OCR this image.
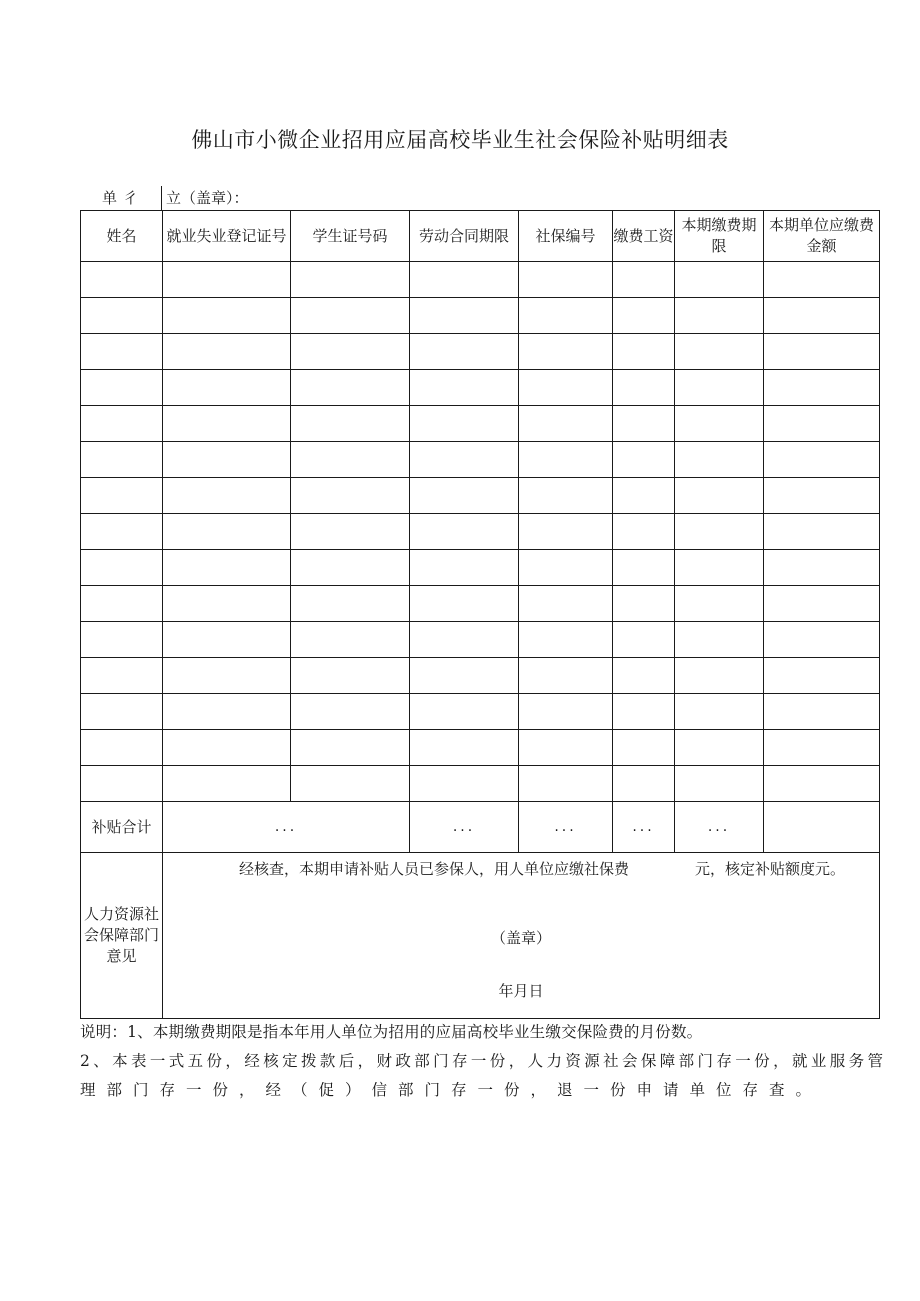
佛山市小微企业招用应届高校毕业生社会保险补贴明细表
单彳 立（盖章）：
姓名	就业失业登记证号	学生证号码	劳动合同期限	社保编号	缴费工资	本期缴费期限	本期单位应缴费金额

补贴合计	...		...	...	...	...	
人力资源社会保障部门意见	经核查，本期申请补贴人员已参保人，用人单位应缴社保费 元，核定补贴额度元。
（盖章）
年月日						
说明：1、本期缴费期限是指本年用人单位为招用的应届高校毕业生缴交保险费的月份数。
2、本表一式五份，经核定拨款后，财政部门存一份，人力资源社会保障部门存一份，就业服务管
理部门存一份，经（促）信部门存一份，退一份申请单位存查。
